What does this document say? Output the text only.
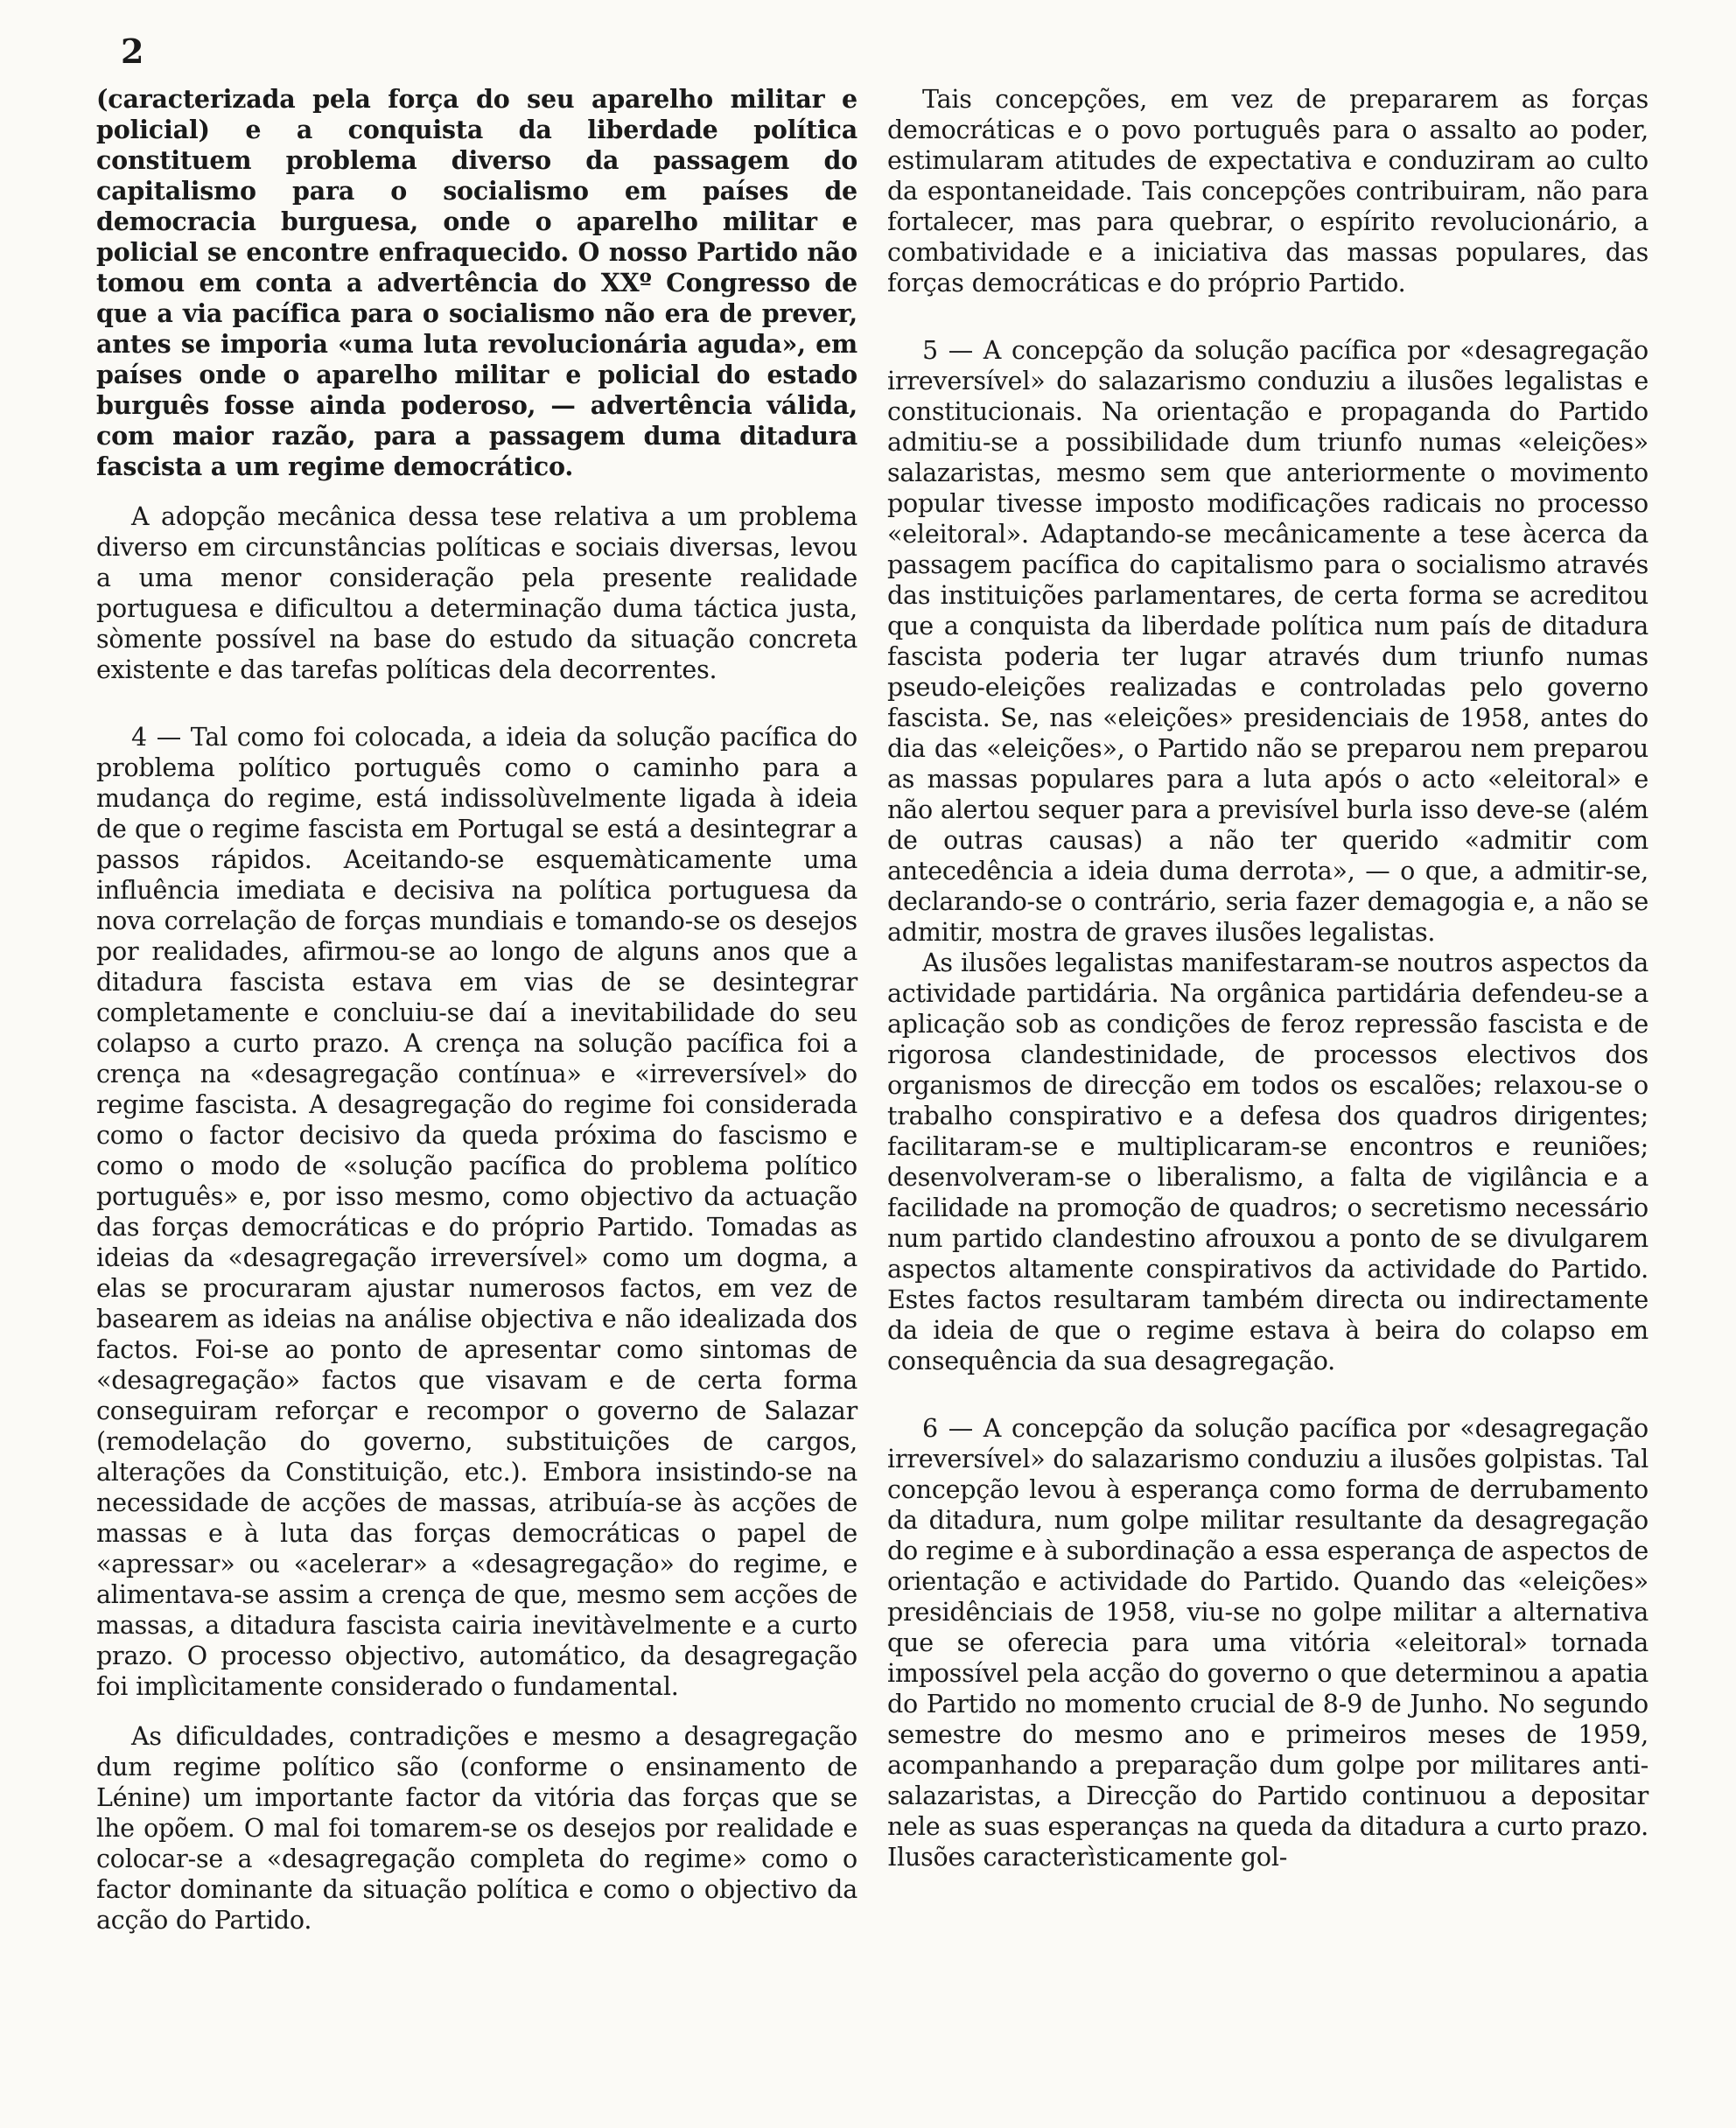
2

(caracterizada pela força do seu aparelho militar e policial) e a conquista da liberdade política constituem problema diverso da passagem do capitalismo para o socialismo em países de democracia burguesa, onde o aparelho militar e policial se encontre enfraquecido. O nosso Partido não tomou em conta a advertência do XXº Congresso de que a via pacífica para o socialismo não era de prever, antes se imporia «uma luta revolucionária aguda», em países onde o aparelho militar e policial do estado burguês fosse ainda poderoso, — advertência válida, com maior razão, para a passagem duma ditadura fascista a um regime democrático.

A adopção mecânica dessa tese relativa a um problema diverso em circunstâncias políticas e sociais diversas, levou a uma menor consideração pela presente realidade portuguesa e dificultou a determinação duma táctica justa, sòmente possível na base do estudo da situação concreta existente e das tarefas políticas dela decorrentes.

4 — Tal como foi colocada, a ideia da solução pacífica do problema político português como o caminho para a mudança do regime, está indissolùvelmente ligada à ideia de que o regime fascista em Portugal se está a desintegrar a passos rápidos. Aceitando-se esquemàticamente uma influência imediata e decisiva na política portuguesa da nova correlação de forças mundiais e tomando-se os desejos por realidades, afirmou-se ao longo de alguns anos que a ditadura fascista estava em vias de se desintegrar completamente e concluiu-se daí a inevitabilidade do seu colapso a curto prazo. A crença na solução pacífica foi a crença na «desagregação contínua» e «irreversível» do regime fascista. A desagregação do regime foi considerada como o factor decisivo da queda próxima do fascismo e como o modo de «solução pacífica do problema político português» e, por isso mesmo, como objectivo da actuação das forças democráticas e do próprio Partido. Tomadas as ideias da «desagregação irreversível» como um dogma, a elas se procuraram ajustar numerosos factos, em vez de basearem as ideias na análise objectiva e não idealizada dos factos. Foi-se ao ponto de apresentar como sintomas de «desagregação» factos que visavam e de certa forma conseguiram reforçar e recompor o governo de Salazar (remodelação do governo, substituições de cargos, alterações da Constituição, etc.). Embora insistindo-se na necessidade de acções de massas, atribuía-se às acções de massas e à luta das forças democráticas o papel de «apressar» ou «acelerar» a «desagregação» do regime, e alimentava-se assim a crença de que, mesmo sem acções de massas, a ditadura fascista cairia inevitàvelmente e a curto prazo. O processo objectivo, automático, da desagregação foi implìcitamente considerado o fundamental.

As dificuldades, contradições e mesmo a desagregação dum regime político são (conforme o ensinamento de Lénine) um importante factor da vitória das forças que se lhe opõem. O mal foi tomarem-se os desejos por realidade e colocar-se a «desagregação completa do regime» como o factor dominante da situação política e como o objectivo da acção do Partido.

Tais concepções, em vez de prepararem as forças democráticas e o povo português para o assalto ao poder, estimularam atitudes de expectativa e conduziram ao culto da espontaneidade. Tais concepções contribuiram, não para fortalecer, mas para quebrar, o espírito revolucionário, a combatividade e a iniciativa das massas populares, das forças democráticas e do próprio Partido.

5 — A concepção da solução pacífica por «desagregação irreversível» do salazarismo conduziu a ilusões legalistas e constitucionais. Na orientação e propaganda do Partido admitiu-se a possibilidade dum triunfo numas «eleições» salazaristas, mesmo sem que anteriormente o movimento popular tivesse imposto modificações radicais no processo «eleitoral». Adaptando-se mecânicamente a tese àcerca da passagem pacífica do capitalismo para o socialismo através das instituições parlamentares, de certa forma se acreditou que a conquista da liberdade política num país de ditadura fascista poderia ter lugar através dum triunfo numas pseudo-eleições realizadas e controladas pelo governo fascista. Se, nas «eleições» presidenciais de 1958, antes do dia das «eleições», o Partido não se preparou nem preparou as massas populares para a luta após o acto «eleitoral» e não alertou sequer para a previsível burla isso deve-se (além de outras causas) a não ter querido «admitir com antecedência a ideia duma derrota», — o que, a admitir-se, declarando-se o contrário, seria fazer demagogia e, a não se admitir, mostra de graves ilusões legalistas.

As ilusões legalistas manifestaram-se noutros aspectos da actividade partidária. Na orgânica partidária defendeu-se a aplicação sob as condições de feroz repressão fascista e de rigorosa clandestinidade, de processos electivos dos organismos de direcção em todos os escalões; relaxou-se o trabalho conspirativo e a defesa dos quadros dirigentes; facilitaram-se e multiplicaram-se encontros e reuniões; desenvolveram-se o liberalismo, a falta de vigilância e a facilidade na promoção de quadros; o secretismo necessário num partido clandestino afrouxou a ponto de se divulgarem aspectos altamente conspirativos da actividade do Partido. Estes factos resultaram também directa ou indirectamente da ideia de que o regime estava à beira do colapso em consequência da sua desagregação.

6 — A concepção da solução pacífica por «desagregação irreversível» do salazarismo conduziu a ilusões golpistas. Tal concepção levou à esperança como forma de derrubamento da ditadura, num golpe militar resultante da desagregação do regime e à subordinação a essa esperança de aspectos de orientação e actividade do Partido. Quando das «eleições» presidênciais de 1958, viu-se no golpe militar a alternativa que se oferecia para uma vitória «eleitoral» tornada impossível pela acção do governo o que determinou a apatia do Partido no momento crucial de 8-9 de Junho. No segundo semestre do mesmo ano e primeiros meses de 1959, acompanhando a preparação dum golpe por militares anti-salazaristas, a Direcção do Partido continuou a depositar nele as suas esperanças na queda da ditadura a curto prazo. Ilusões caracterìsticamente gol-
